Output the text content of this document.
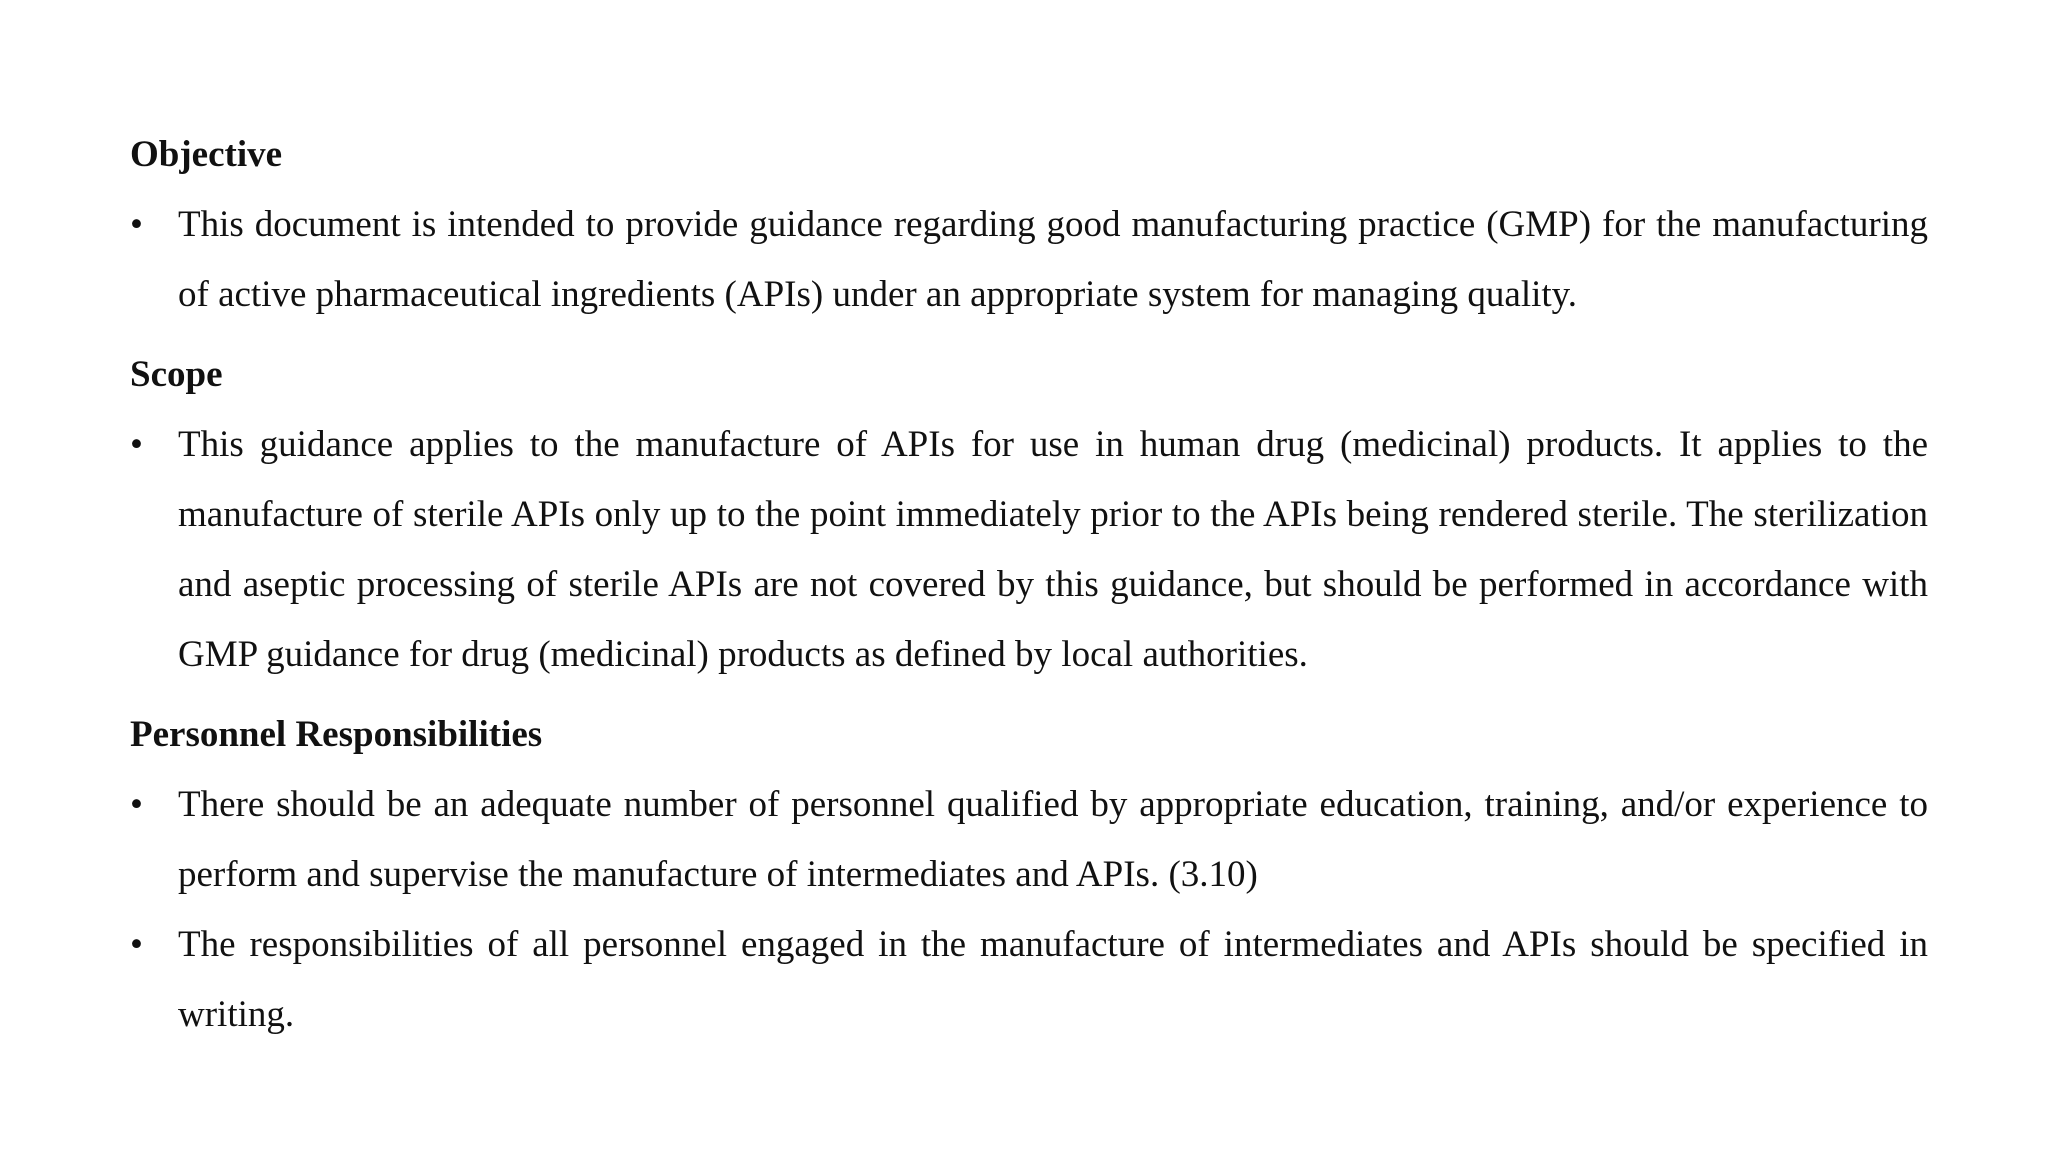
Objective

• This document is intended to provide guidance regarding good manufacturing practice (GMP) for the manufacturing of active pharmaceutical ingredients (APIs) under an appropriate system for managing quality.

Scope

• This guidance applies to the manufacture of APIs for use in human drug (medicinal) products. It applies to the manufacture of sterile APIs only up to the point immediately prior to the APIs being rendered sterile. The sterilization and aseptic processing of sterile APIs are not covered by this guidance, but should be performed in accordance with GMP guidance for drug (medicinal) products as defined by local authorities.

Personnel Responsibilities

• There should be an adequate number of personnel qualified by appropriate education, training, and/or experience to perform and supervise the manufacture of intermediates and APIs. (3.10)
• The responsibilities of all personnel engaged in the manufacture of intermediates and APIs should be specified in writing.
